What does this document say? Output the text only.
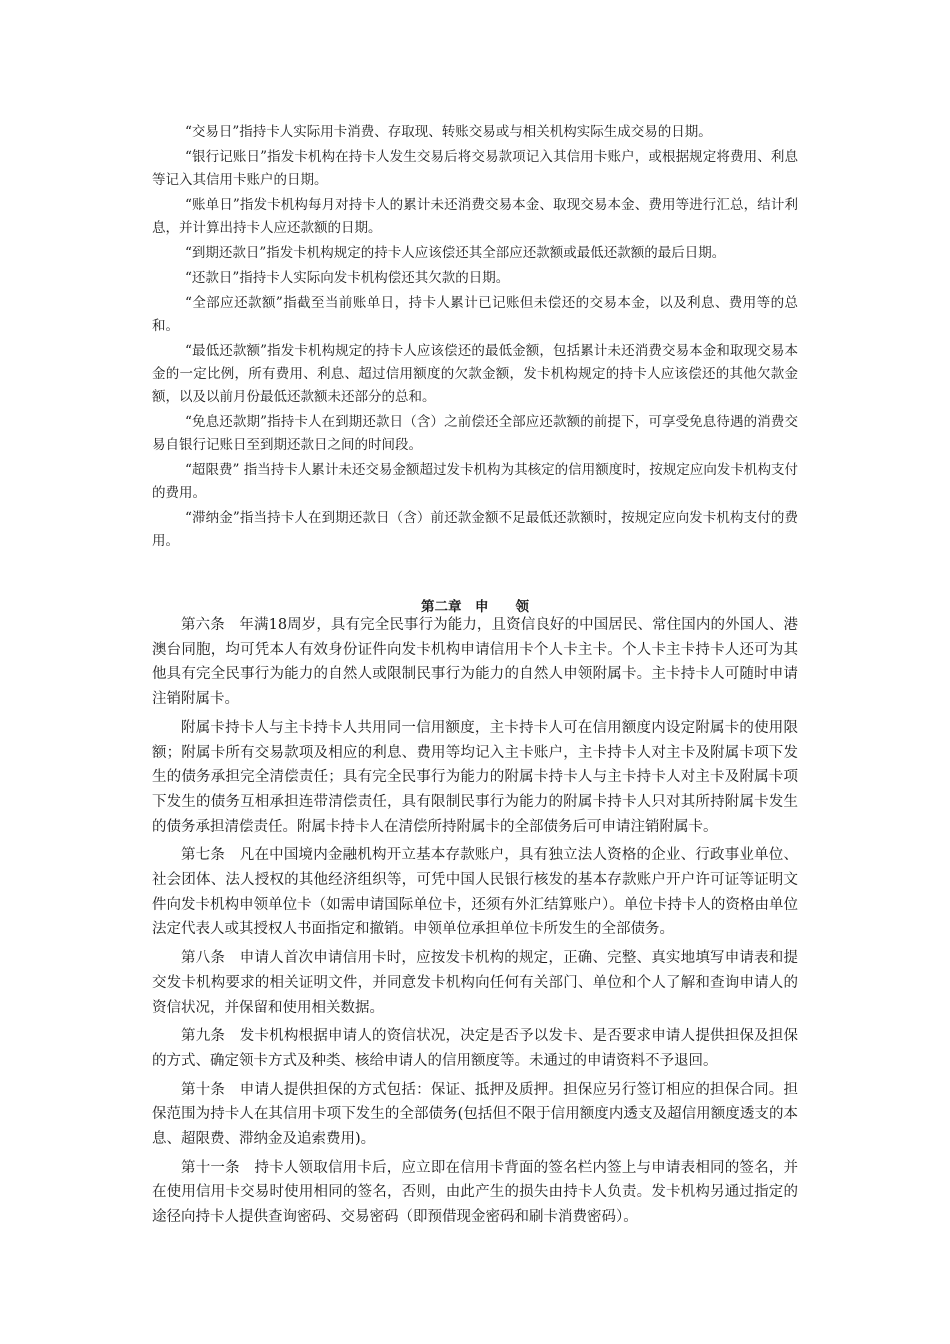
“交易日”指持卡人实际用卡消费、存取现、转账交易或与相关机构实际生成交易的日期。

“银行记账日”指发卡机构在持卡人发生交易后将交易款项记入其信用卡账户，或根据规定将费用、利息等记入其信用卡账户的日期。

“账单日”指发卡机构每月对持卡人的累计未还消费交易本金、取现交易本金、费用等进行汇总，结计利息，并计算出持卡人应还款额的日期。

“到期还款日”指发卡机构规定的持卡人应该偿还其全部应还款额或最低还款额的最后日期。

“还款日”指持卡人实际向发卡机构偿还其欠款的日期。

“全部应还款额”指截至当前账单日，持卡人累计已记账但未偿还的交易本金，以及利息、费用等的总和。

“最低还款额”指发卡机构规定的持卡人应该偿还的最低金额，包括累计未还消费交易本金和取现交易本金的一定比例，所有费用、利息、超过信用额度的欠款金额，发卡机构规定的持卡人应该偿还的其他欠款金额，以及以前月份最低还款额未还部分的总和。

“免息还款期”指持卡人在到期还款日（含）之前偿还全部应还款额的前提下，可享受免息待遇的消费交易自银行记账日至到期还款日之间的时间段。

“超限费” 指当持卡人累计未还交易金额超过发卡机构为其核定的信用额度时，按规定应向发卡机构支付的费用。

“滞纳金”指当持卡人在到期还款日（含）前还款金额不足最低还款额时，按规定应向发卡机构支付的费用。

第二章　申　　领

第六条　年满18周岁，具有完全民事行为能力，且资信良好的中国居民、常住国内的外国人、港澳台同胞，均可凭本人有效身份证件向发卡机构申请信用卡个人卡主卡。个人卡主卡持卡人还可为其他具有完全民事行为能力的自然人或限制民事行为能力的自然人申领附属卡。主卡持卡人可随时申请注销附属卡。

附属卡持卡人与主卡持卡人共用同一信用额度，主卡持卡人可在信用额度内设定附属卡的使用限额；附属卡所有交易款项及相应的利息、费用等均记入主卡账户，主卡持卡人对主卡及附属卡项下发生的债务承担完全清偿责任；具有完全民事行为能力的附属卡持卡人与主卡持卡人对主卡及附属卡项下发生的债务互相承担连带清偿责任，具有限制民事行为能力的附属卡持卡人只对其所持附属卡发生的债务承担清偿责任。附属卡持卡人在清偿所持附属卡的全部债务后可申请注销附属卡。

第七条　凡在中国境内金融机构开立基本存款账户，具有独立法人资格的企业、行政事业单位、社会团体、法人授权的其他经济组织等，可凭中国人民银行核发的基本存款账户开户许可证等证明文件向发卡机构申领单位卡（如需申请国际单位卡，还须有外汇结算账户）。单位卡持卡人的资格由单位法定代表人或其授权人书面指定和撤销。申领单位承担单位卡所发生的全部债务。

第八条　申请人首次申请信用卡时，应按发卡机构的规定，正确、完整、真实地填写申请表和提交发卡机构要求的相关证明文件，并同意发卡机构向任何有关部门、单位和个人了解和查询申请人的资信状况，并保留和使用相关数据。

第九条　发卡机构根据申请人的资信状况，决定是否予以发卡、是否要求申请人提供担保及担保的方式、确定领卡方式及种类、核给申请人的信用额度等。未通过的申请资料不予退回。

第十条　申请人提供担保的方式包括：保证、抵押及质押。担保应另行签订相应的担保合同。担保范围为持卡人在其信用卡项下发生的全部债务(包括但不限于信用额度内透支及超信用额度透支的本息、超限费、滞纳金及追索费用)。

第十一条　持卡人领取信用卡后，应立即在信用卡背面的签名栏内签上与申请表相同的签名，并在使用信用卡交易时使用相同的签名，否则，由此产生的损失由持卡人负责。发卡机构另通过指定的途径向持卡人提供查询密码、交易密码（即预借现金密码和刷卡消费密码）。
